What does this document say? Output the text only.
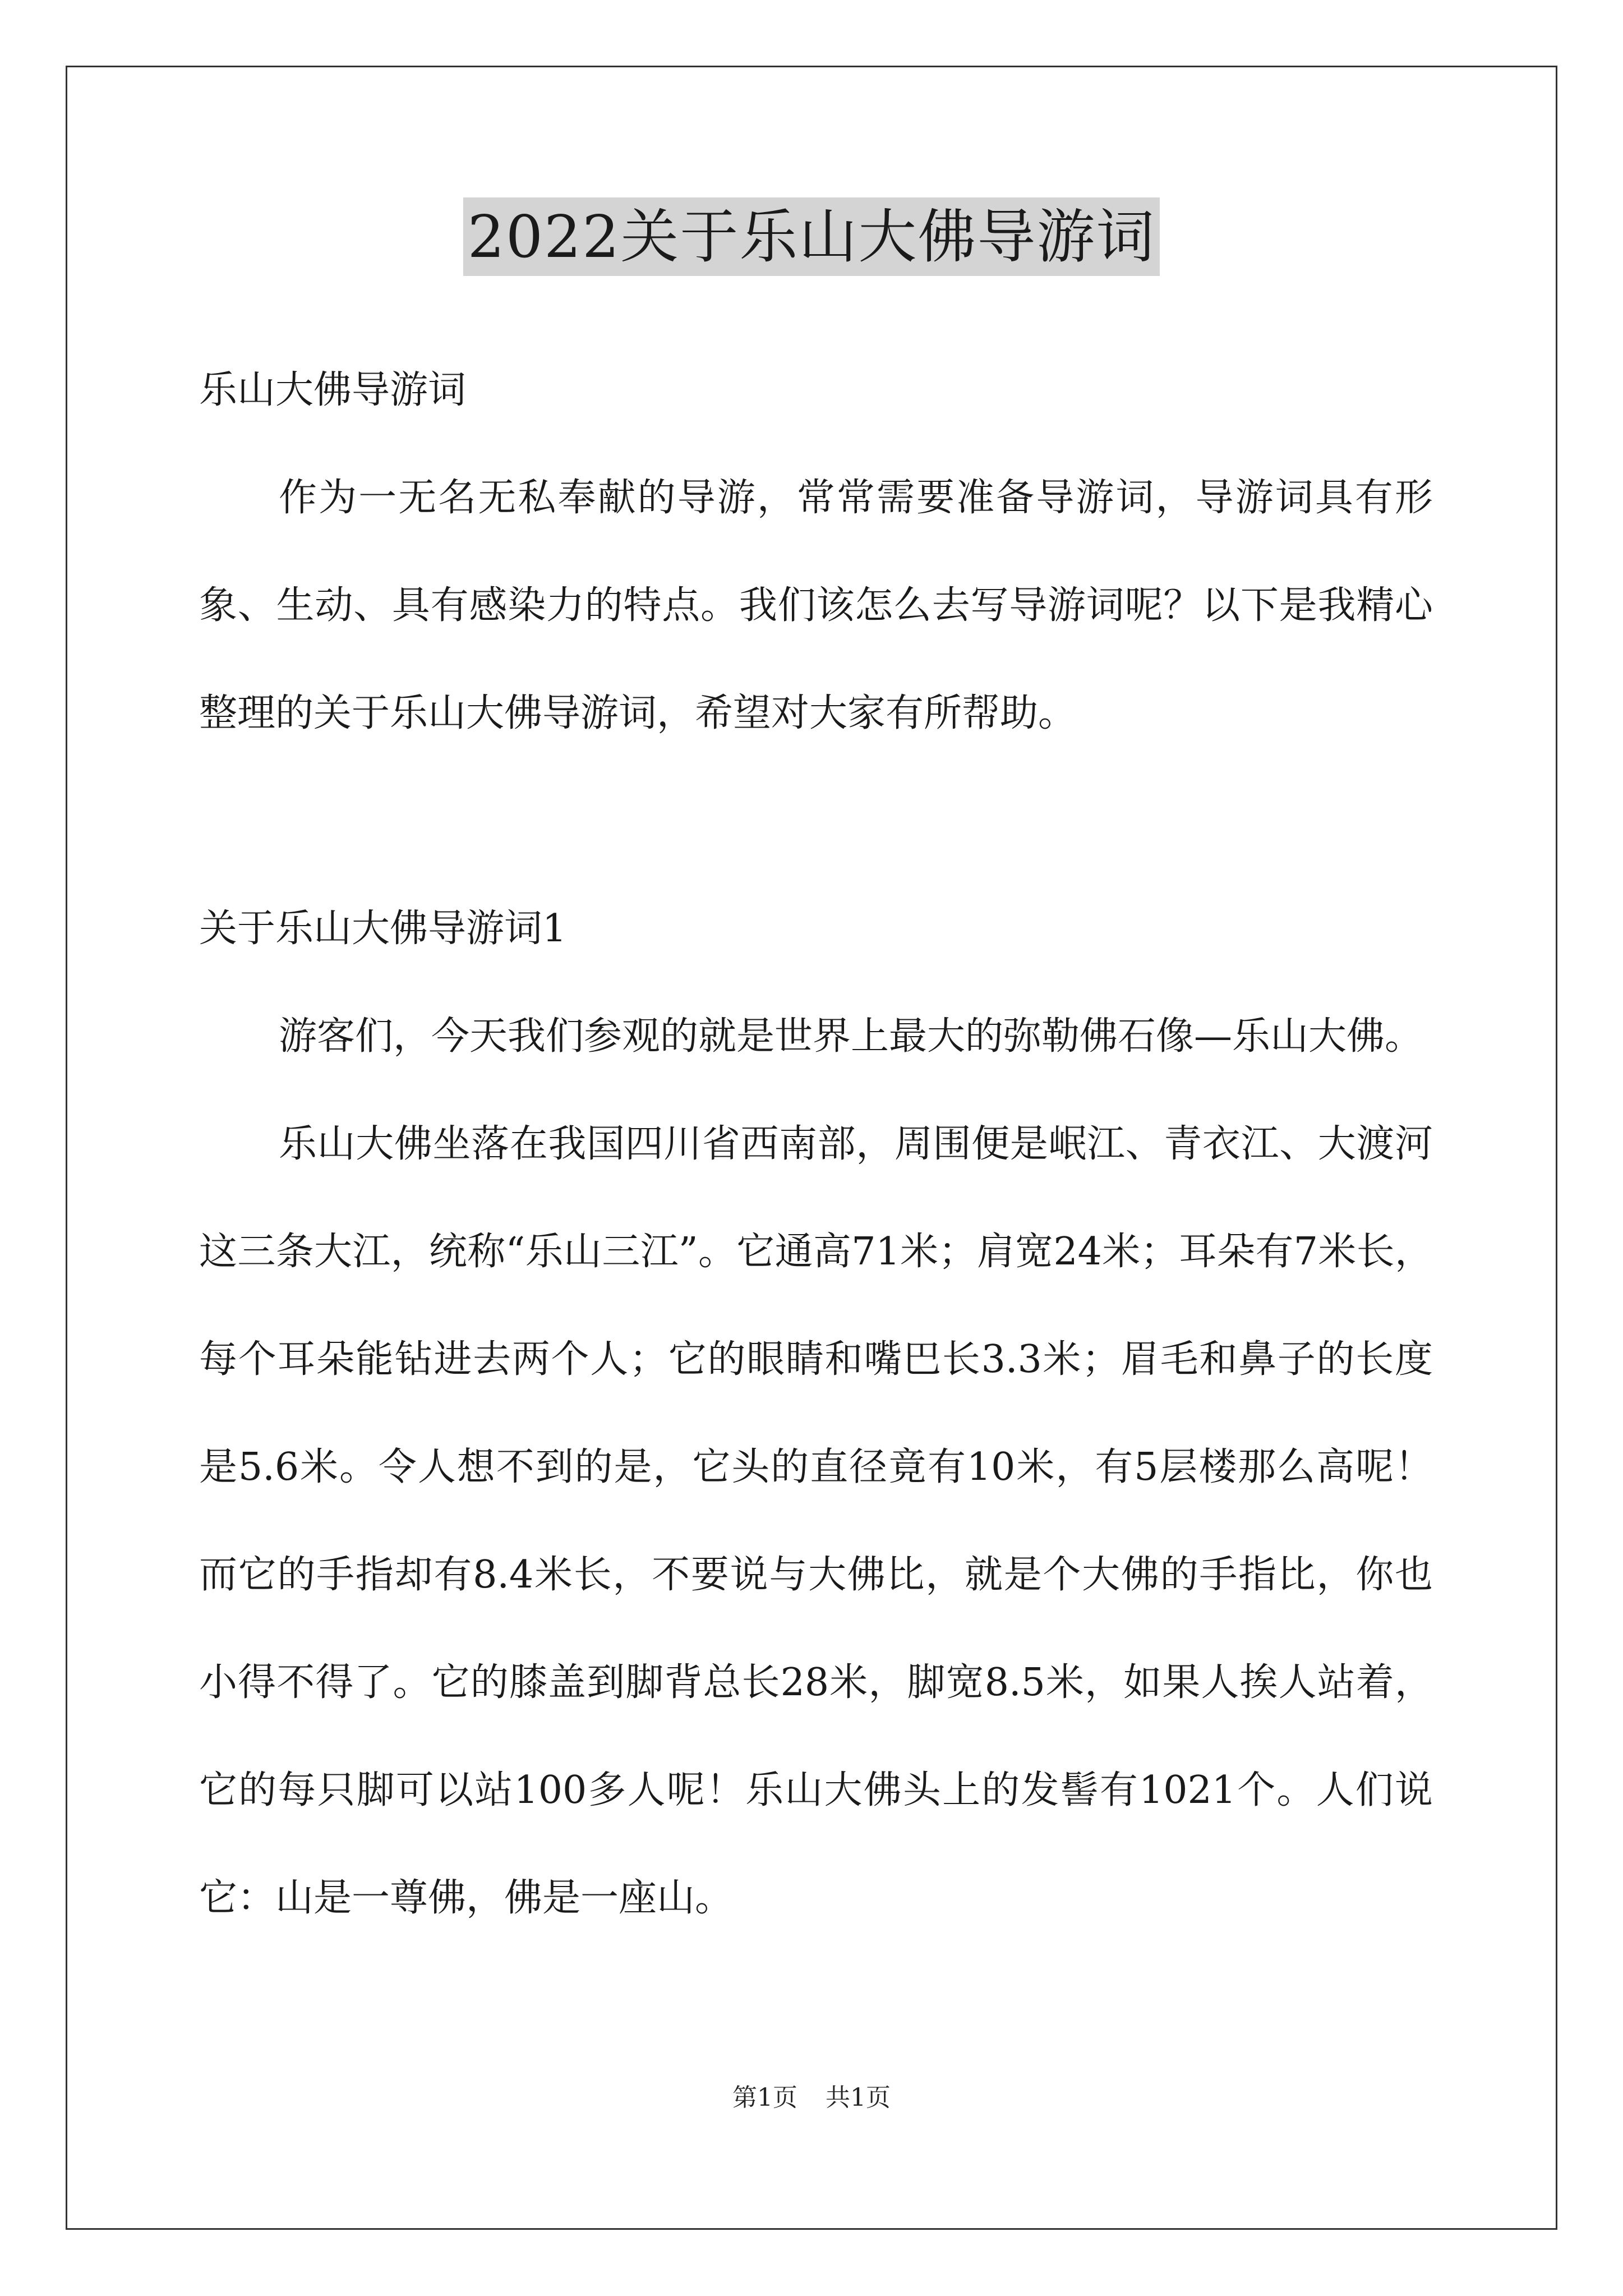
2022关于乐山大佛导游词

乐山大佛导游词

作为一无名无私奉献的导游，常常需要准备导游词，导游词具有形象、生动、具有感染力的特点。我们该怎么去写导游词呢？以下是我精心整理的关于乐山大佛导游词，希望对大家有所帮助。

关于乐山大佛导游词1

游客们，今天我们参观的就是世界上最大的弥勒佛石像—乐山大佛。

乐山大佛坐落在我国四川省西南部，周围便是岷江、青衣江、大渡河这三条大江，统称“乐山三江”。它通高71米；肩宽24米；耳朵有7米长，每个耳朵能钻进去两个人；它的眼睛和嘴巴长3.3米；眉毛和鼻子的长度是5.6米。令人想不到的是，它头的直径竟有10米，有5层楼那么高呢！而它的手指却有8.4米长，不要说与大佛比，就是个大佛的手指比，你也小得不得了。它的膝盖到脚背总长28米，脚宽8.5米，如果人挨人站着，它的每只脚可以站100多人呢！乐山大佛头上的发髻有1021个。人们说它：山是一尊佛，佛是一座山。

第1页 共1页
